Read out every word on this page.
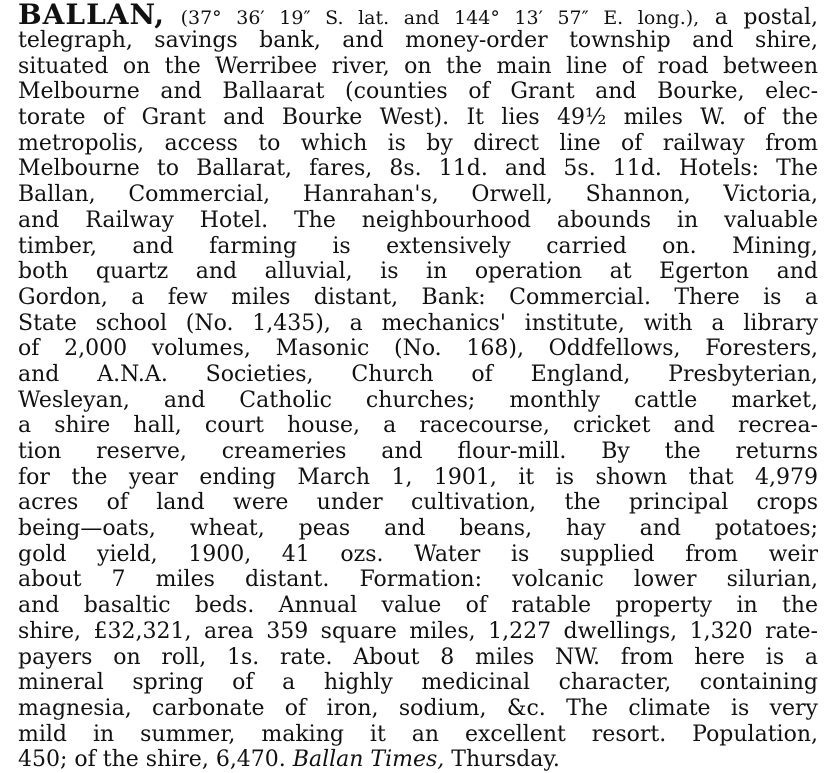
BALLAN, (37° 36′ 19″ S. lat. and 144° 13′ 57″ E. long.), a postal,
telegraph, savings bank, and money-order township and shire,
situated on the Werribee river, on the main line of road between
Melbourne and Ballaarat (counties of Grant and Bourke, elec-
torate of Grant and Bourke West). It lies 49½ miles W. of the
metropolis, access to which is by direct line of railway from
Melbourne to Ballarat, fares, 8s. 11d. and 5s. 11d. Hotels: The
Ballan, Commercial, Hanrahan's, Orwell, Shannon, Victoria,
and Railway Hotel. The neighbourhood abounds in valuable
timber, and farming is extensively carried on. Mining,
both quartz and alluvial, is in operation at Egerton and
Gordon, a few miles distant, Bank: Commercial. There is a
State school (No. 1,435), a mechanics' institute, with a library
of 2,000 volumes, Masonic (No. 168), Oddfellows, Foresters,
and A.N.A. Societies, Church of England, Presbyterian,
Wesleyan, and Catholic churches; monthly cattle market,
a shire hall, court house, a racecourse, cricket and recrea-
tion reserve, creameries and flour-mill. By the returns
for the year ending March 1, 1901, it is shown that 4,979
acres of land were under cultivation, the principal crops
being—oats, wheat, peas and beans, hay and potatoes;
gold yield, 1900, 41 ozs. Water is supplied from weir
about 7 miles distant. Formation: volcanic lower silurian,
and basaltic beds. Annual value of ratable property in the
shire, £32,321, area 359 square miles, 1,227 dwellings, 1,320 rate-
payers on roll, 1s. rate. About 8 miles NW. from here is a
mineral spring of a highly medicinal character, containing
magnesia, carbonate of iron, sodium, &c. The climate is very
mild in summer, making it an excellent resort. Population,
450; of the shire, 6,470. Ballan Times, Thursday.
